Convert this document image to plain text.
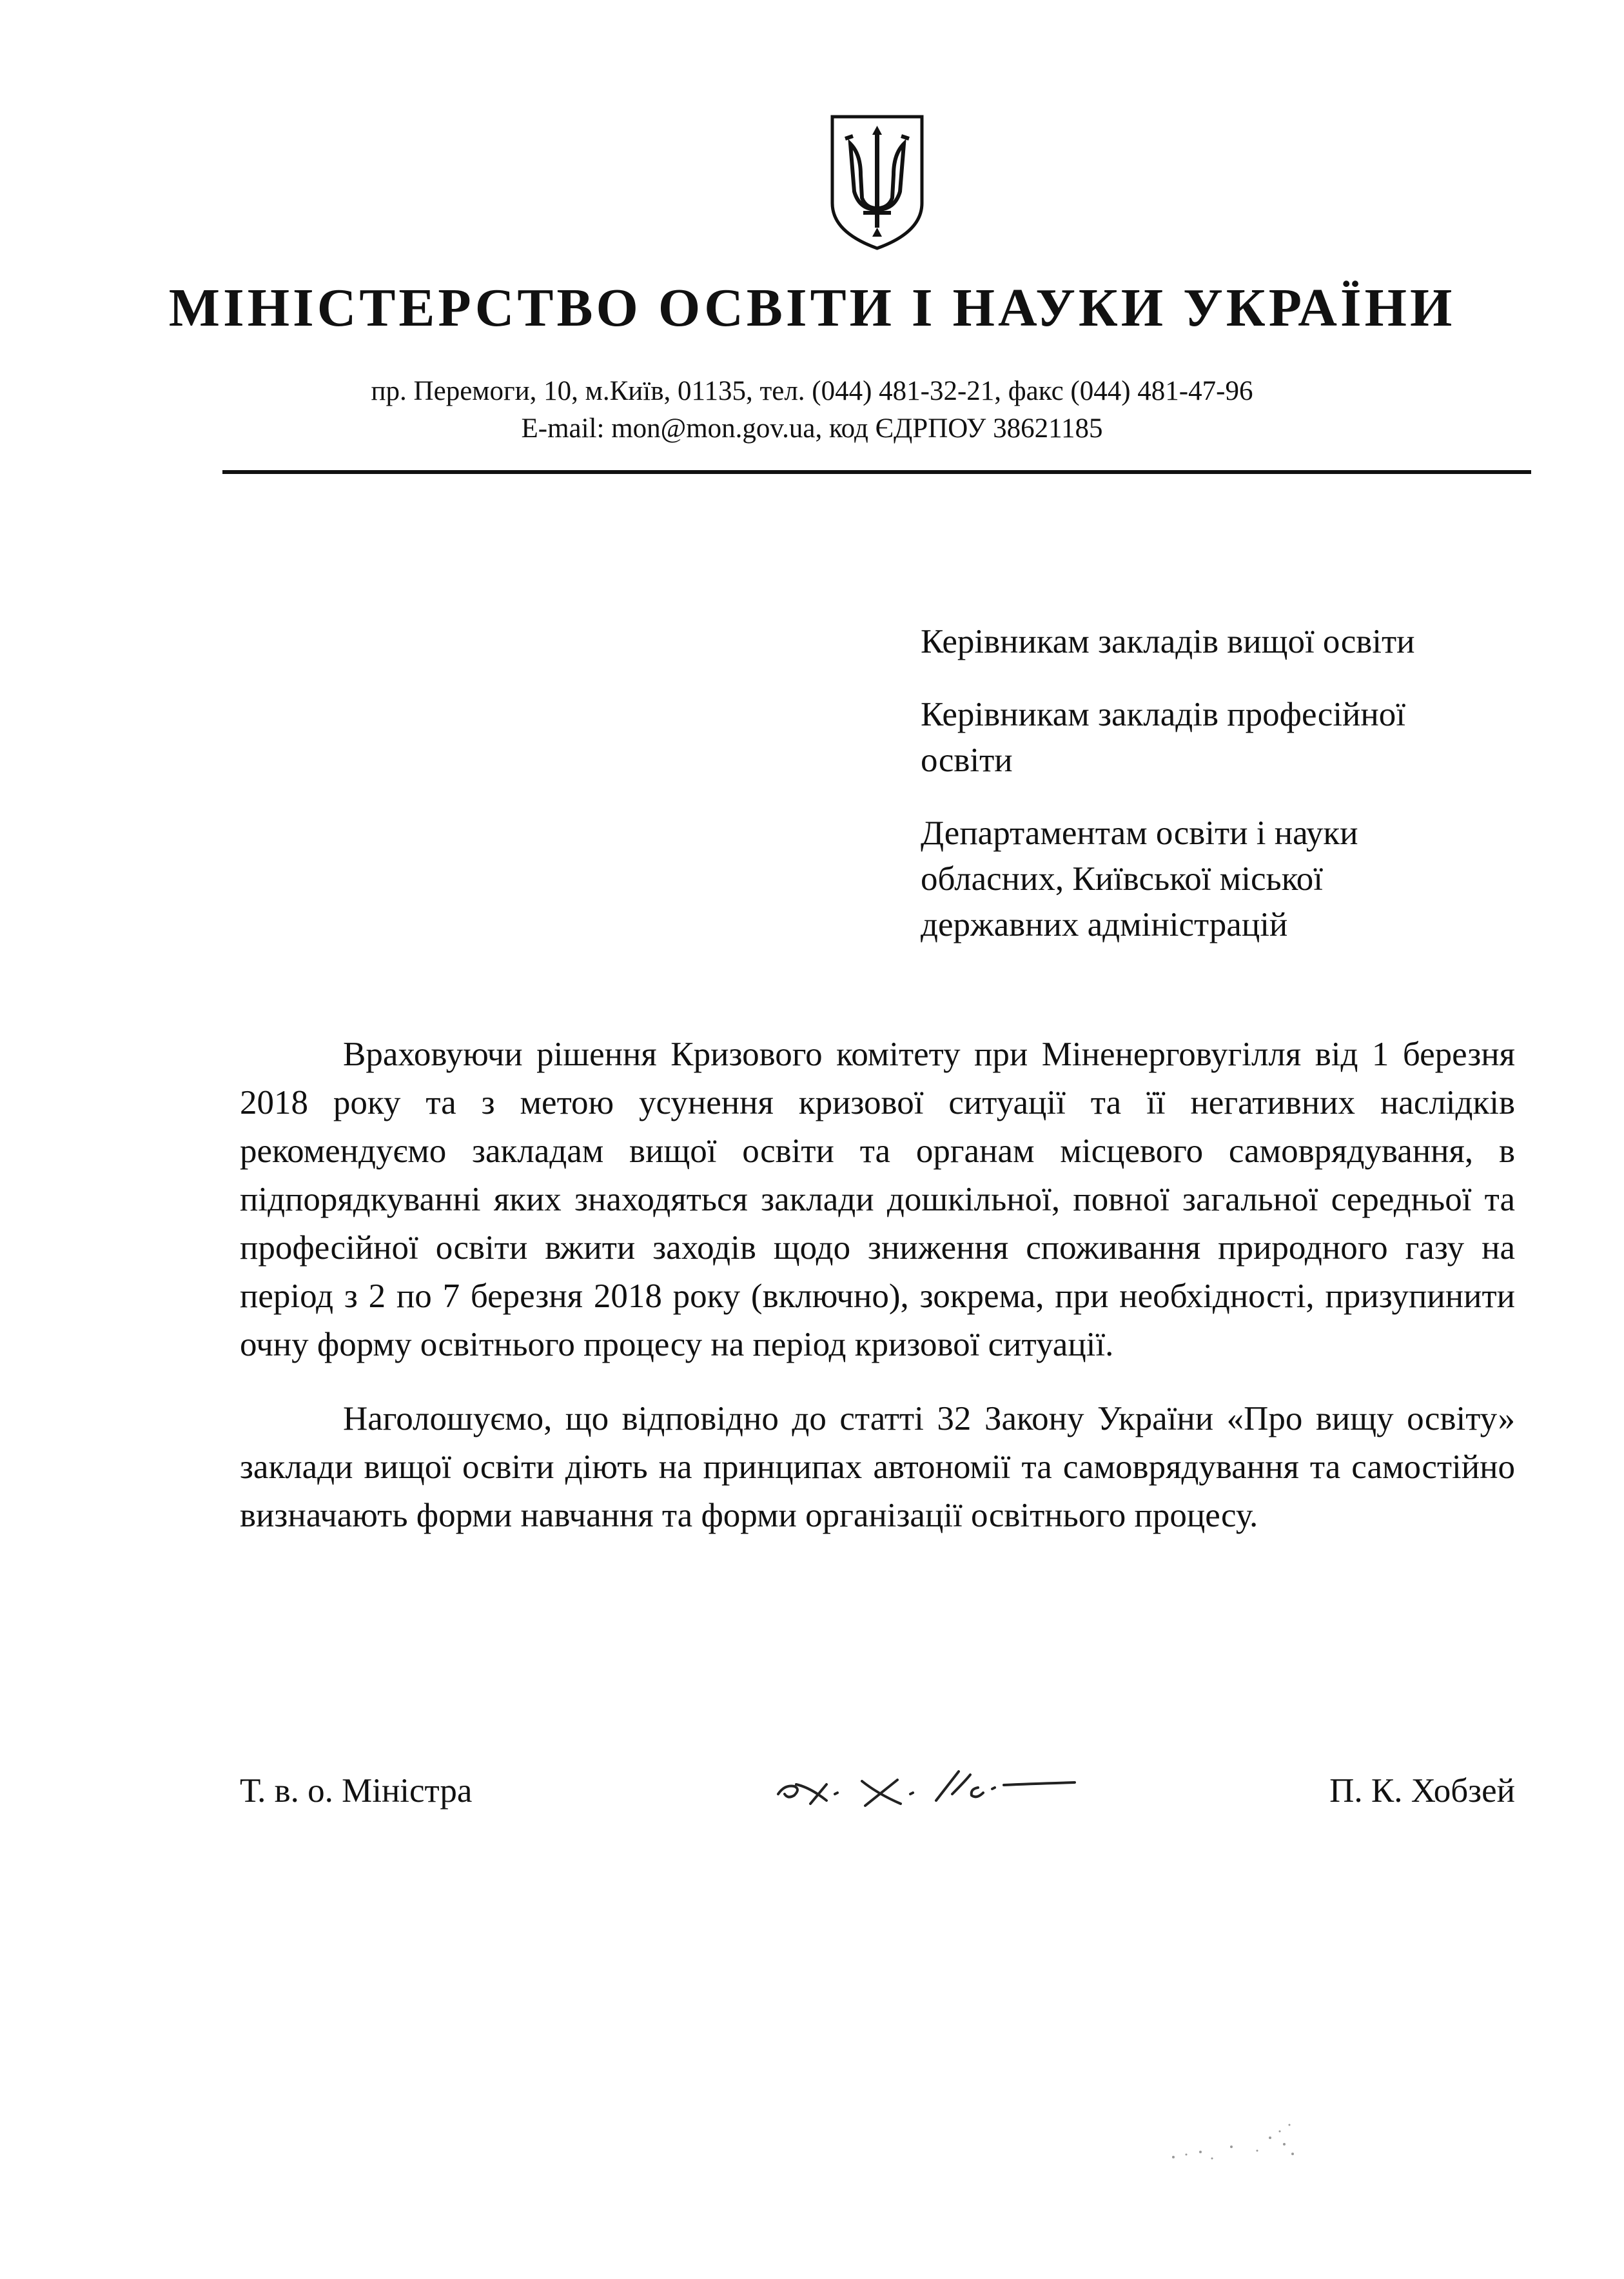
МІНІСТЕРСТВО ОСВІТИ І НАУКИ УКРАЇНИ
пр. Перемоги, 10, м.Київ, 01135, тел. (044) 481-32-21, факс (044) 481-47-96
E-mail: mon@mon.gov.ua, код ЄДРПОУ 38621185
Керівникам закладів вищої освіти
Керівникам закладів професійної
освіти
Департаментам освіти і науки
обласних, Київської міської
державних адміністрацій

Враховуючи рішення Кризового комітету при Міненерговугілля від 1 березня 2018 року та з метою усунення кризової ситуації та її негативних наслідків рекомендуємо закладам вищої освіти та органам місцевого самоврядування, в підпорядкуванні яких знаходяться заклади дошкільної, повної загальної середньої та професійної освіти вжити заходів щодо зниження споживання природного газу на період з 2 по 7 березня 2018 року (включно), зокрема, при необхідності, призупинити очну форму освітнього процесу на період кризової ситуації.

Наголошуємо, що відповідно до статті 32 Закону України «Про вищу освіту» заклади вищої освіти діють на принципах автономії та самоврядування та самостійно визначають форми навчання та форми організації освітнього процесу.

Т. в. о. Міністра	П. К. Хобзей
